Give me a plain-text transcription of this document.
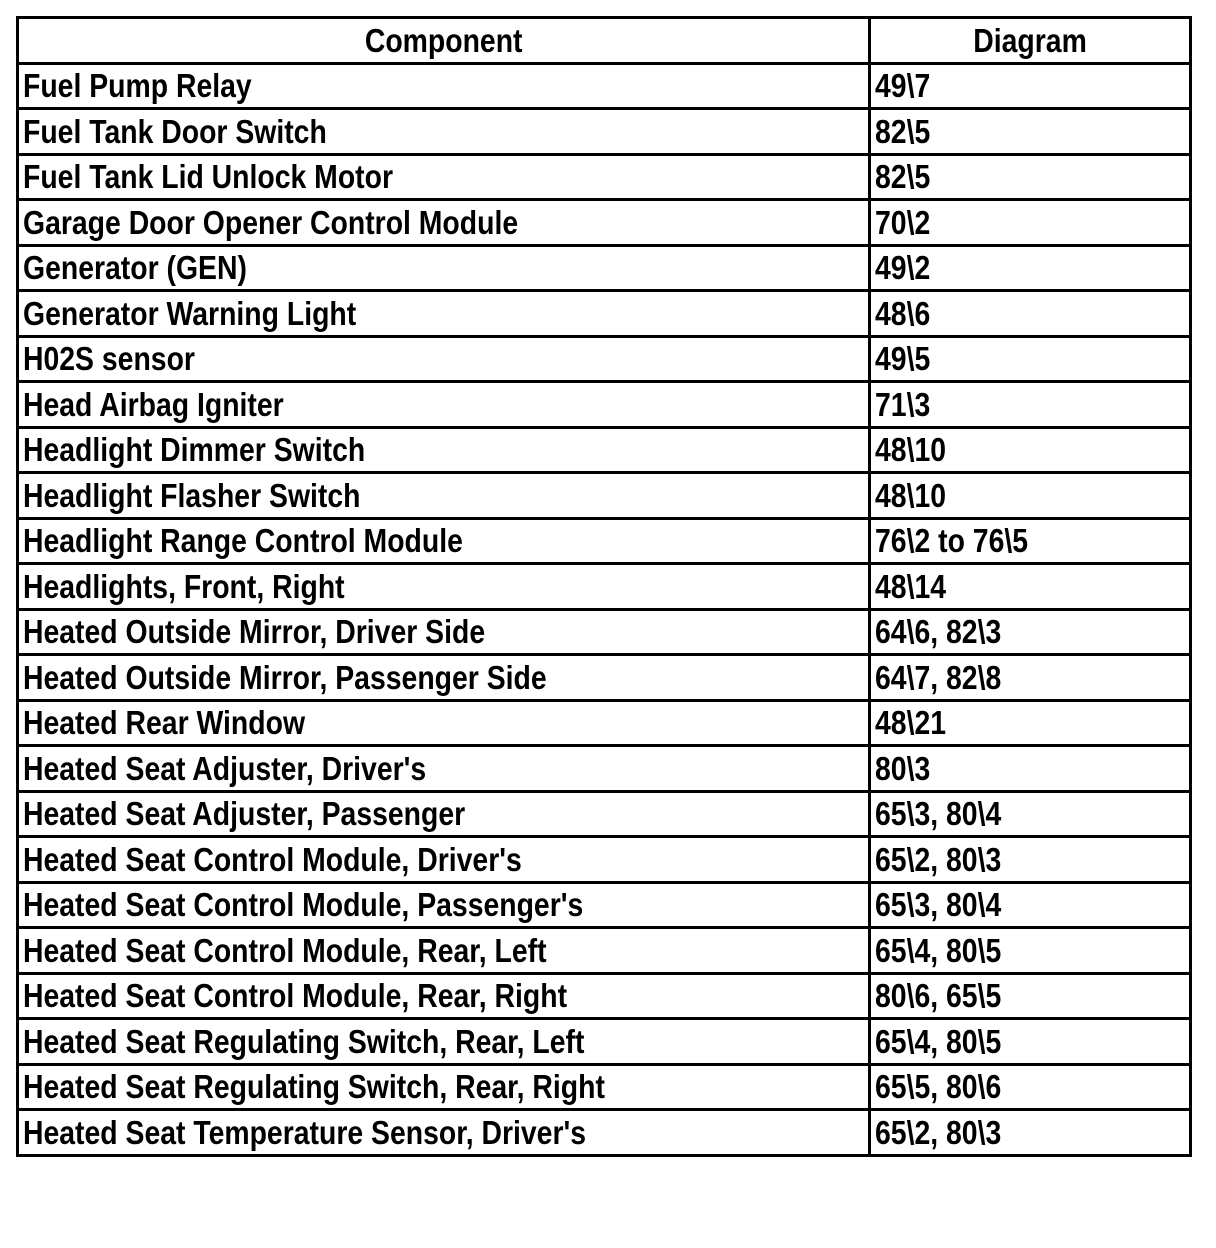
Component	Diagram
Fuel Pump Relay	49\7
Fuel Tank Door Switch	82\5
Fuel Tank Lid Unlock Motor	82\5
Garage Door Opener Control Module	70\2
Generator (GEN)	49\2
Generator Warning Light	48\6
H02S sensor	49\5
Head Airbag Igniter	71\3
Headlight Dimmer Switch	48\10
Headlight Flasher Switch	48\10
Headlight Range Control Module	76\2 to 76\5
Headlights, Front, Right	48\14
Heated Outside Mirror, Driver Side	64\6, 82\3
Heated Outside Mirror, Passenger Side	64\7, 82\8
Heated Rear Window	48\21
Heated Seat Adjuster, Driver's	80\3
Heated Seat Adjuster, Passenger	65\3, 80\4
Heated Seat Control Module, Driver's	65\2, 80\3
Heated Seat Control Module, Passenger's	65\3, 80\4
Heated Seat Control Module, Rear, Left	65\4, 80\5
Heated Seat Control Module, Rear, Right	80\6, 65\5
Heated Seat Regulating Switch, Rear, Left	65\4, 80\5
Heated Seat Regulating Switch, Rear, Right	65\5, 80\6
Heated Seat Temperature Sensor, Driver's	65\2, 80\3
